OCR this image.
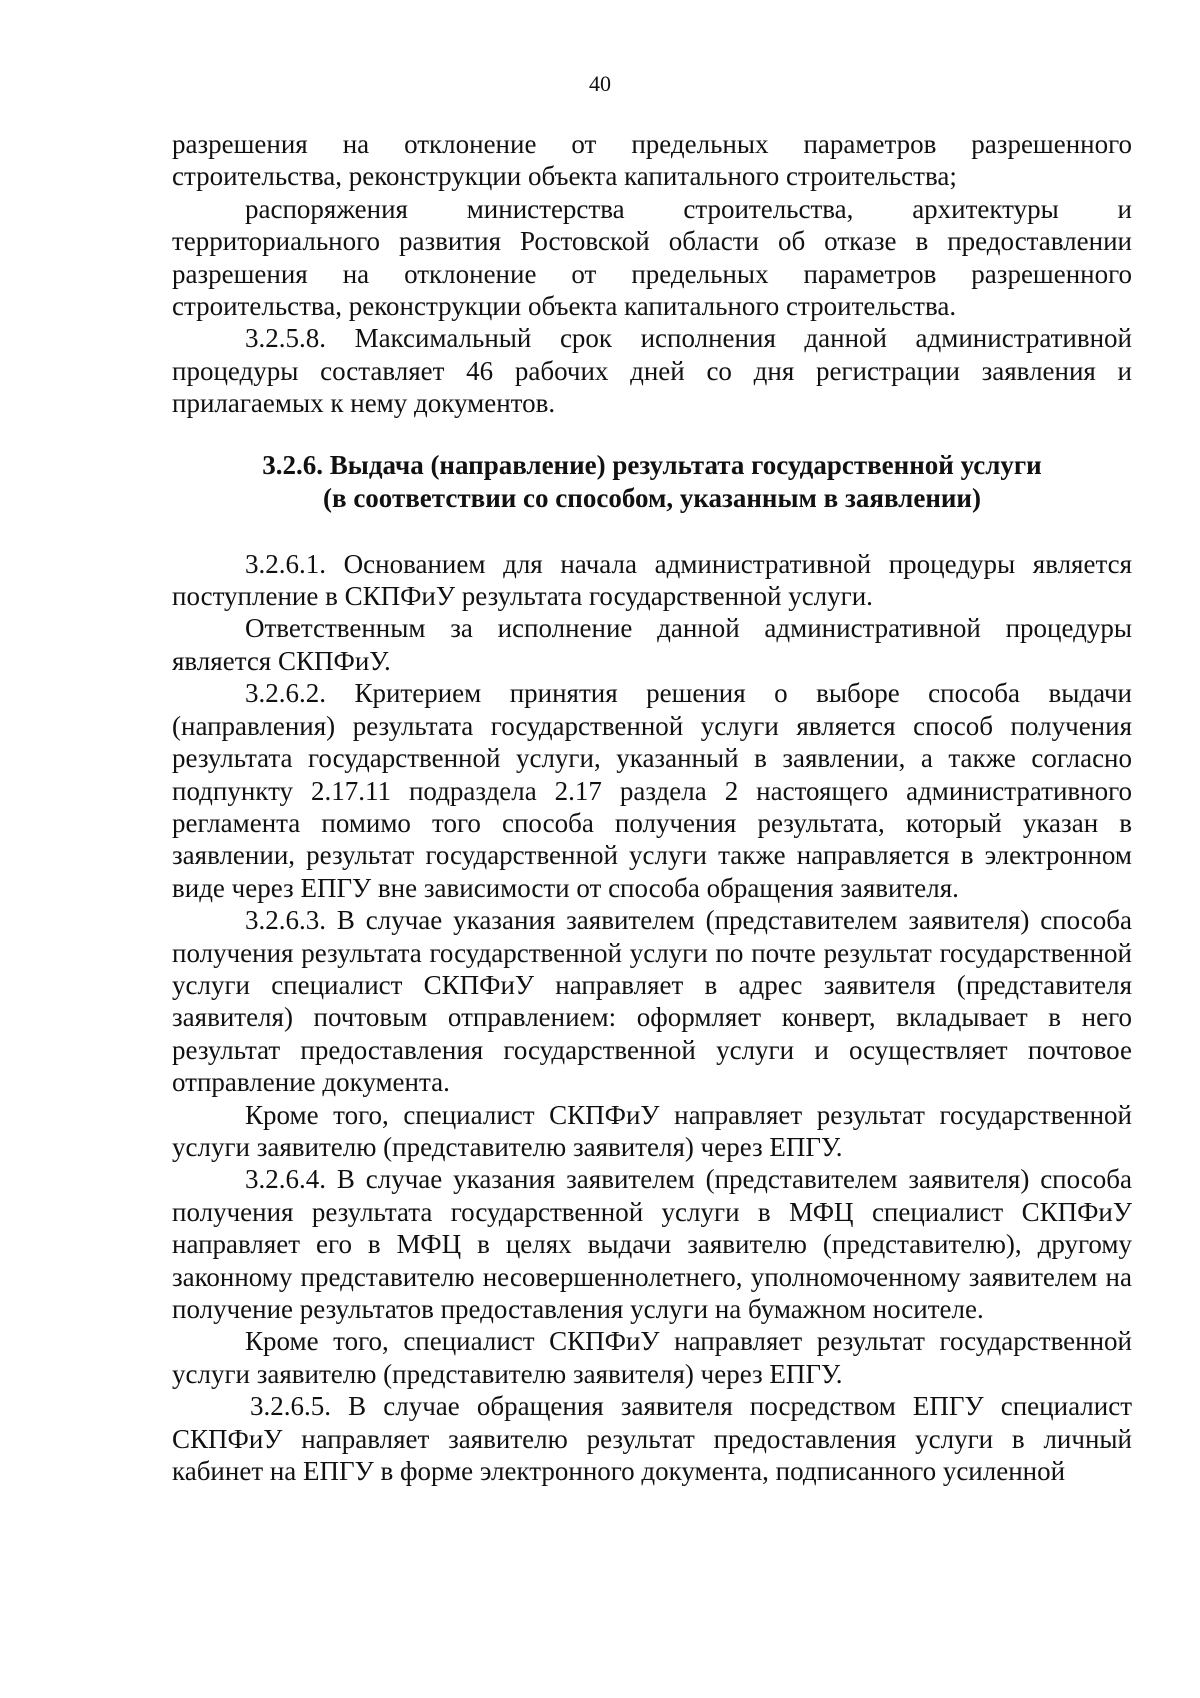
40

разрешения на отклонение от предельных параметров разрешенного строительства, реконструкции объекта капитального строительства;

распоряжения министерства строительства, архитектуры и территориального развития Ростовской области об отказе в предоставлении разрешения на отклонение от предельных параметров разрешенного строительства, реконструкции объекта капитального строительства.

3.2.5.8. Максимальный срок исполнения данной административной процедуры составляет 46 рабочих дней со дня регистрации заявления и прилагаемых к нему документов.

3.2.6. Выдача (направление) результата государственной услуги
(в соответствии со способом, указанным в заявлении)

3.2.6.1. Основанием для начала административной процедуры является поступление в СКПФиУ результата государственной услуги.

Ответственным за исполнение данной административной процедуры является СКПФиУ.

3.2.6.2. Критерием принятия решения о выборе способа выдачи (направления) результата государственной услуги является способ получения результата государственной услуги, указанный в заявлении, а также согласно подпункту 2.17.11 подраздела 2.17 раздела 2 настоящего административного регламента помимо того способа получения результата, который указан в заявлении, результат государственной услуги также направляется в электронном виде через ЕПГУ вне зависимости от способа обращения заявителя.

3.2.6.3. В случае указания заявителем (представителем заявителя) способа получения результата государственной услуги по почте результат государственной услуги специалист СКПФиУ направляет в адрес заявителя (представителя заявителя) почтовым отправлением: оформляет конверт, вкладывает в него результат предоставления государственной услуги и осуществляет почтовое отправление документа.

Кроме того, специалист СКПФиУ направляет результат государственной услуги заявителю (представителю заявителя) через ЕПГУ.

3.2.6.4. В случае указания заявителем (представителем заявителя) способа получения результата государственной услуги в МФЦ специалист СКПФиУ направляет его в МФЦ в целях выдачи заявителю (представителю), другому законному представителю несовершеннолетнего, уполномоченному заявителем на получение результатов предоставления услуги на бумажном носителе.

Кроме того, специалист СКПФиУ направляет результат государственной услуги заявителю (представителю заявителя) через ЕПГУ.

3.2.6.5. В случае обращения заявителя посредством ЕПГУ специалист СКПФиУ направляет заявителю результат предоставления услуги в личный кабинет на ЕПГУ в форме электронного документа, подписанного усиленной
